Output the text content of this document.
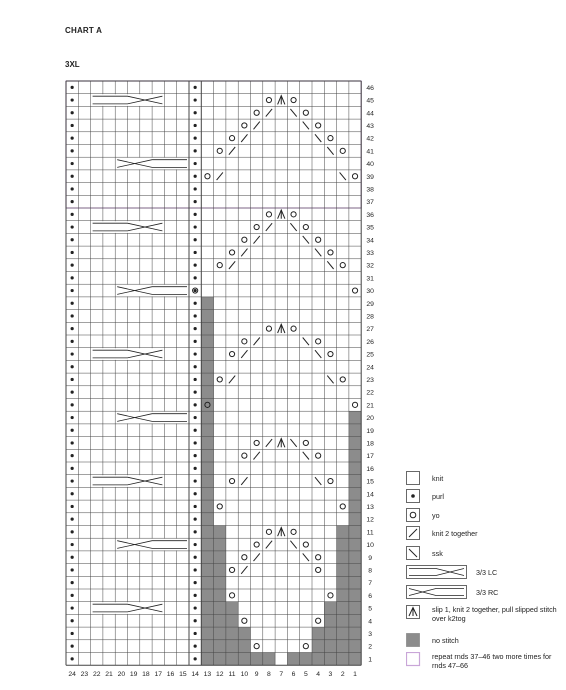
CHART A
3XL
1
2
3
4
5
6
7
8
9
10
11
12
13
14
15
16
17
18
19
20
21
22
23
24
25
26
27
28
29
30
31
32
33
34
35
36
37
38
39
40
41
42
43
44
45
46
24 23 22 21 20 19 18 17 16 15 14 13 12 11 10 9 8 7 6 5 4 3 2 1
knit
purl
yo
knit 2 together
ssk
3/3 LC
3/3 RC
slip 1, knit 2 together, pull slipped stitch over k2tog
no stitch
repeat rnds 37–46 two more times for rnds 47–66
